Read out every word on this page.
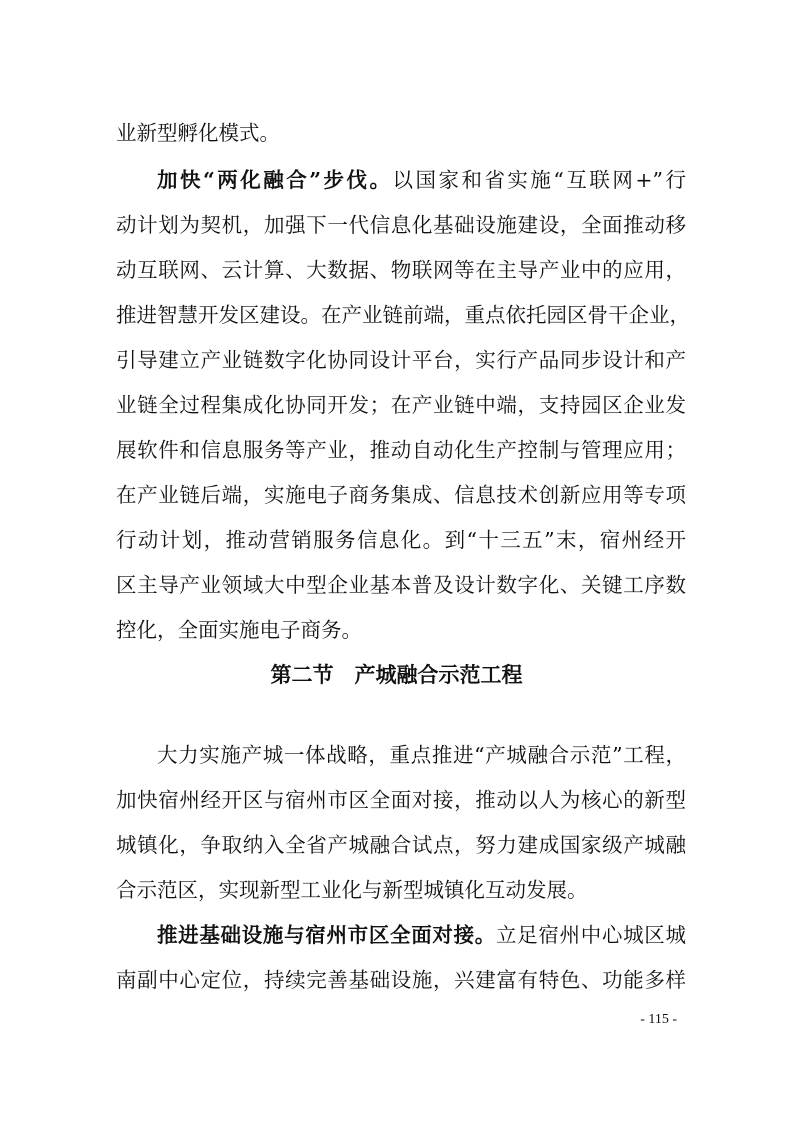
业新型孵化模式。
加快“两化融合”步伐。以国家和省实施“互联网+”行
动计划为契机，加强下一代信息化基础设施建设，全面推动移
动互联网、云计算、大数据、物联网等在主导产业中的应用，
推进智慧开发区建设。在产业链前端，重点依托园区骨干企业，
引导建立产业链数字化协同设计平台，实行产品同步设计和产
业链全过程集成化协同开发；在产业链中端，支持园区企业发
展软件和信息服务等产业，推动自动化生产控制与管理应用；
在产业链后端，实施电子商务集成、信息技术创新应用等专项
行动计划，推动营销服务信息化。到“十三五”末，宿州经开
区主导产业领域大中型企业基本普及设计数字化、关键工序数
控化，全面实施电子商务。
第二节　产城融合示范工程
大力实施产城一体战略，重点推进“产城融合示范”工程，
加快宿州经开区与宿州市区全面对接，推动以人为核心的新型
城镇化，争取纳入全省产城融合试点，努力建成国家级产城融
合示范区，实现新型工业化与新型城镇化互动发展。
推进基础设施与宿州市区全面对接。立足宿州中心城区城
南副中心定位，持续完善基础设施，兴建富有特色、功能多样
- 115 -
